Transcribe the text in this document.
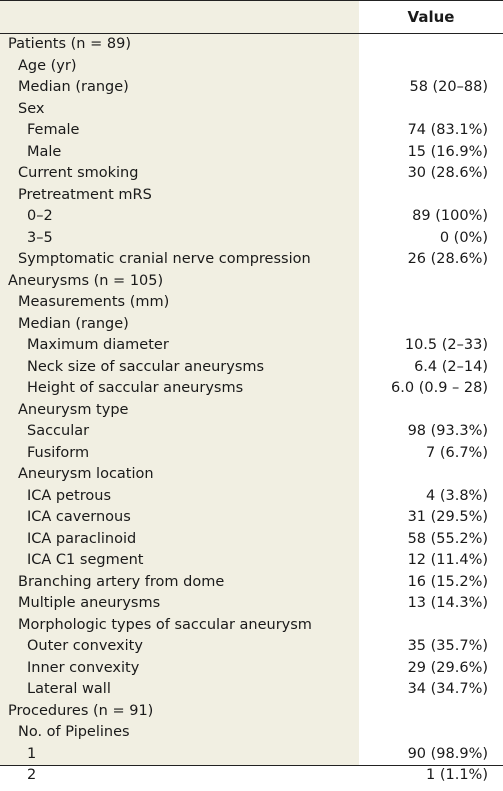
Value
Patients (n = 89)
Age (yr)
Median (range)	58 (20–88)
Sex
Female	74 (83.1%)
Male	15 (16.9%)
Current smoking	30 (28.6%)
Pretreatment mRS
0–2	89 (100%)
3–5	0 (0%)
Symptomatic cranial nerve compression	26 (28.6%)
Aneurysms (n = 105)
Measurements (mm)
Median (range)
Maximum diameter	10.5 (2–33)
Neck size of saccular aneurysms	6.4 (2–14)
Height of saccular aneurysms	6.0 (0.9 – 28)
Aneurysm type
Saccular	98 (93.3%)
Fusiform	7 (6.7%)
Aneurysm location
ICA petrous	4 (3.8%)
ICA cavernous	31 (29.5%)
ICA paraclinoid	58 (55.2%)
ICA C1 segment	12 (11.4%)
Branching artery from dome	16 (15.2%)
Multiple aneurysms	13 (14.3%)
Morphologic types of saccular aneurysm
Outer convexity	35 (35.7%)
Inner convexity	29 (29.6%)
Lateral wall	34 (34.7%)
Procedures (n = 91)
No. of Pipelines
1	90 (98.9%)
2	1 (1.1%)
